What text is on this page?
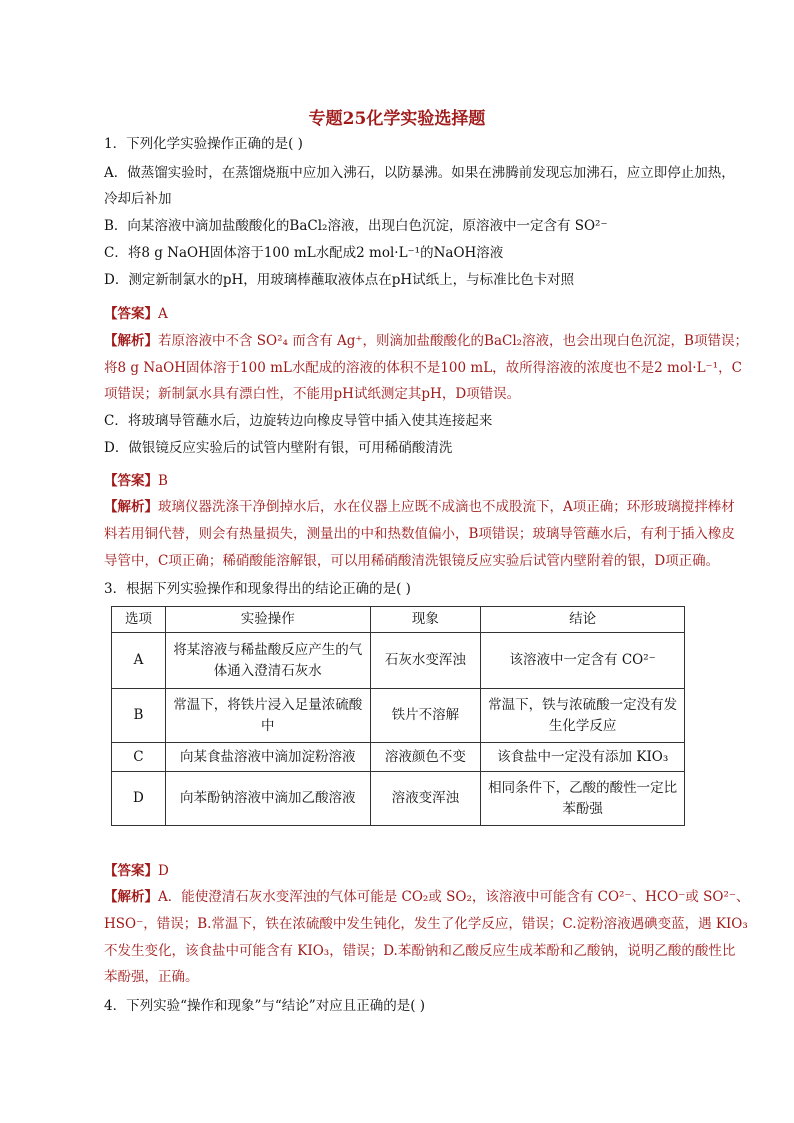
专题25化学实验选择题
1．下列化学实验操作正确的是( )
A．做蒸馏实验时，在蒸馏烧瓶中应加入沸石，以防暴沸。如果在沸腾前发现忘加沸石，应立即停止加热，
冷却后补加
B．向某溶液中滴加盐酸酸化的BaCl₂溶液，出现白色沉淀，原溶液中一定含有 SO²⁻
C．将8 g NaOH固体溶于100 mL水配成2 mol·L⁻¹的NaOH溶液
D．测定新制氯水的pH，用玻璃棒蘸取液体点在pH试纸上，与标准比色卡对照
【答案】A
【解析】若原溶液中不含 SO²₄ 而含有 Ag⁺，则滴加盐酸酸化的BaCl₂溶液，也会出现白色沉淀，B项错误；
将8 g NaOH固体溶于100 mL水配成的溶液的体积不是100 mL，故所得溶液的浓度也不是2 mol·L⁻¹，C
项错误；新制氯水具有漂白性，不能用pH试纸测定其pH，D项错误。
C．将玻璃导管蘸水后，边旋转边向橡皮导管中插入使其连接起来
D．做银镜反应实验后的试管内壁附有银，可用稀硝酸清洗
【答案】B
【解析】玻璃仪器洗涤干净倒掉水后，水在仪器上应既不成滴也不成股流下，A项正确；环形玻璃搅拌棒材
料若用铜代替，则会有热量损失，测量出的中和热数值偏小，B项错误；玻璃导管蘸水后，有利于插入橡皮
导管中，C项正确；稀硝酸能溶解银，可以用稀硝酸清洗银镜反应实验后试管内壁附着的银，D项正确。
3．根据下列实验操作和现象得出的结论正确的是( )
选项	实验操作	现象	结论
A	将某溶液与稀盐酸反应产生的气体通入澄清石灰水	石灰水变浑浊	该溶液中一定含有 CO²⁻
B	常温下，将铁片浸入足量浓硫酸中	铁片不溶解	常温下，铁与浓硫酸一定没有发生化学反应
C	向某食盐溶液中滴加淀粉溶液	溶液颜色不变	该食盐中一定没有添加 KIO₃
D	向苯酚钠溶液中滴加乙酸溶液	溶液变浑浊	相同条件下，乙酸的酸性一定比苯酚强
【答案】D
【解析】A．能使澄清石灰水变浑浊的气体可能是 CO₂或 SO₂，该溶液中可能含有 CO²⁻、HCO⁻或 SO²⁻、
HSO⁻，错误；B.常温下，铁在浓硫酸中发生钝化，发生了化学反应，错误；C.淀粉溶液遇碘变蓝，遇 KIO₃
不发生变化，该食盐中可能含有 KIO₃，错误；D.苯酚钠和乙酸反应生成苯酚和乙酸钠，说明乙酸的酸性比
苯酚强，正确。
4．下列实验“操作和现象”与“结论”对应且正确的是( )
